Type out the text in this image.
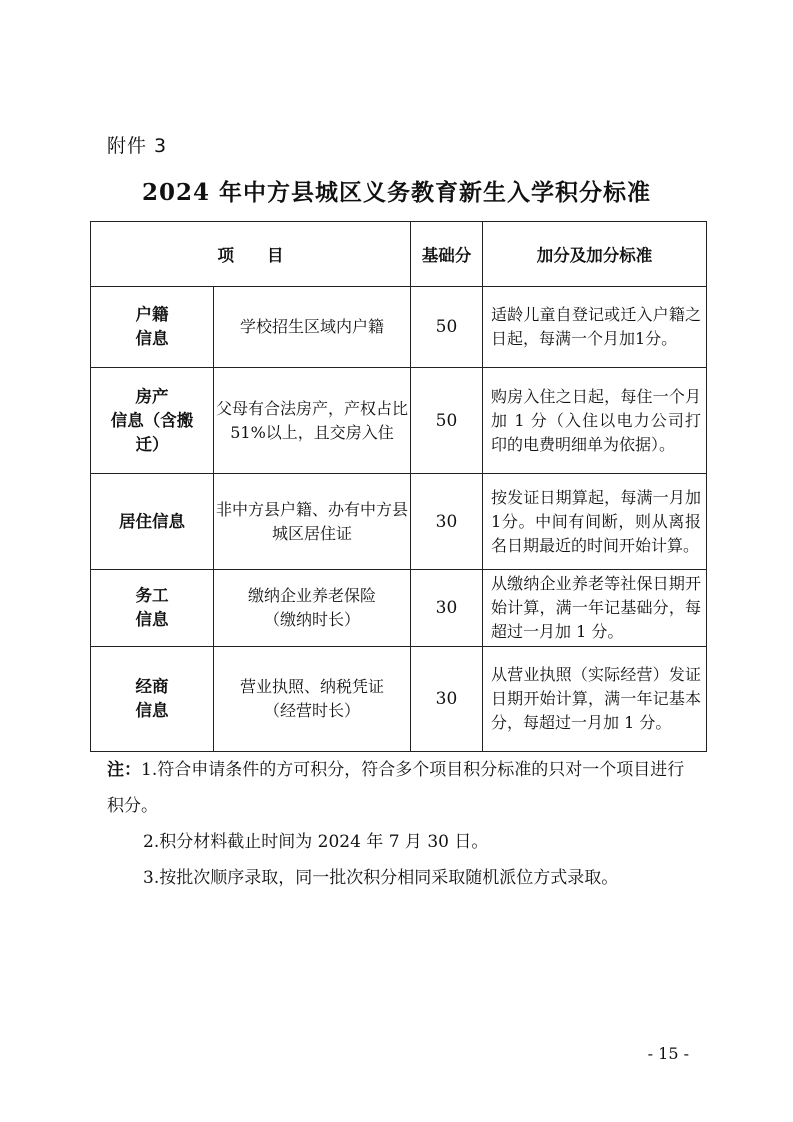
附件 3
2024 年中方县城区义务教育新生入学积分标准
项　　目		基础分	加分及加分标准
户籍
信息	学校招生区域内户籍	50	适龄儿童自登记或迁入户籍之日起，每满一个月加1分。
房产
信息（含搬
迁）	父母有合法房产，产权占比 51%以上，且交房入住	50	购房入住之日起，每住一个月加 1 分（入住以电力公司打印的电费明细单为依据）。
居住信息	非中方县户籍、办有中方县城区居住证	30	按发证日期算起，每满一月加 1分。中间有间断，则从离报名日期最近的时间开始计算。
务工
信息	缴纳企业养老保险
（缴纳时长）	30	从缴纳企业养老等社保日期开始计算，满一年记基础分，每超过一月加 1 分。
经商
信息	营业执照、纳税凭证
（经营时长）	30	从营业执照（实际经营）发证日期开始计算，满一年记基本分，每超过一月加 1 分。

注：1.符合申请条件的方可积分，符合多个项目积分标准的只对一个项目进行积分。

2.积分材料截止时间为 2024 年 7 月 30 日。

3.按批次顺序录取，同一批次积分相同采取随机派位方式录取。

- 15 -
